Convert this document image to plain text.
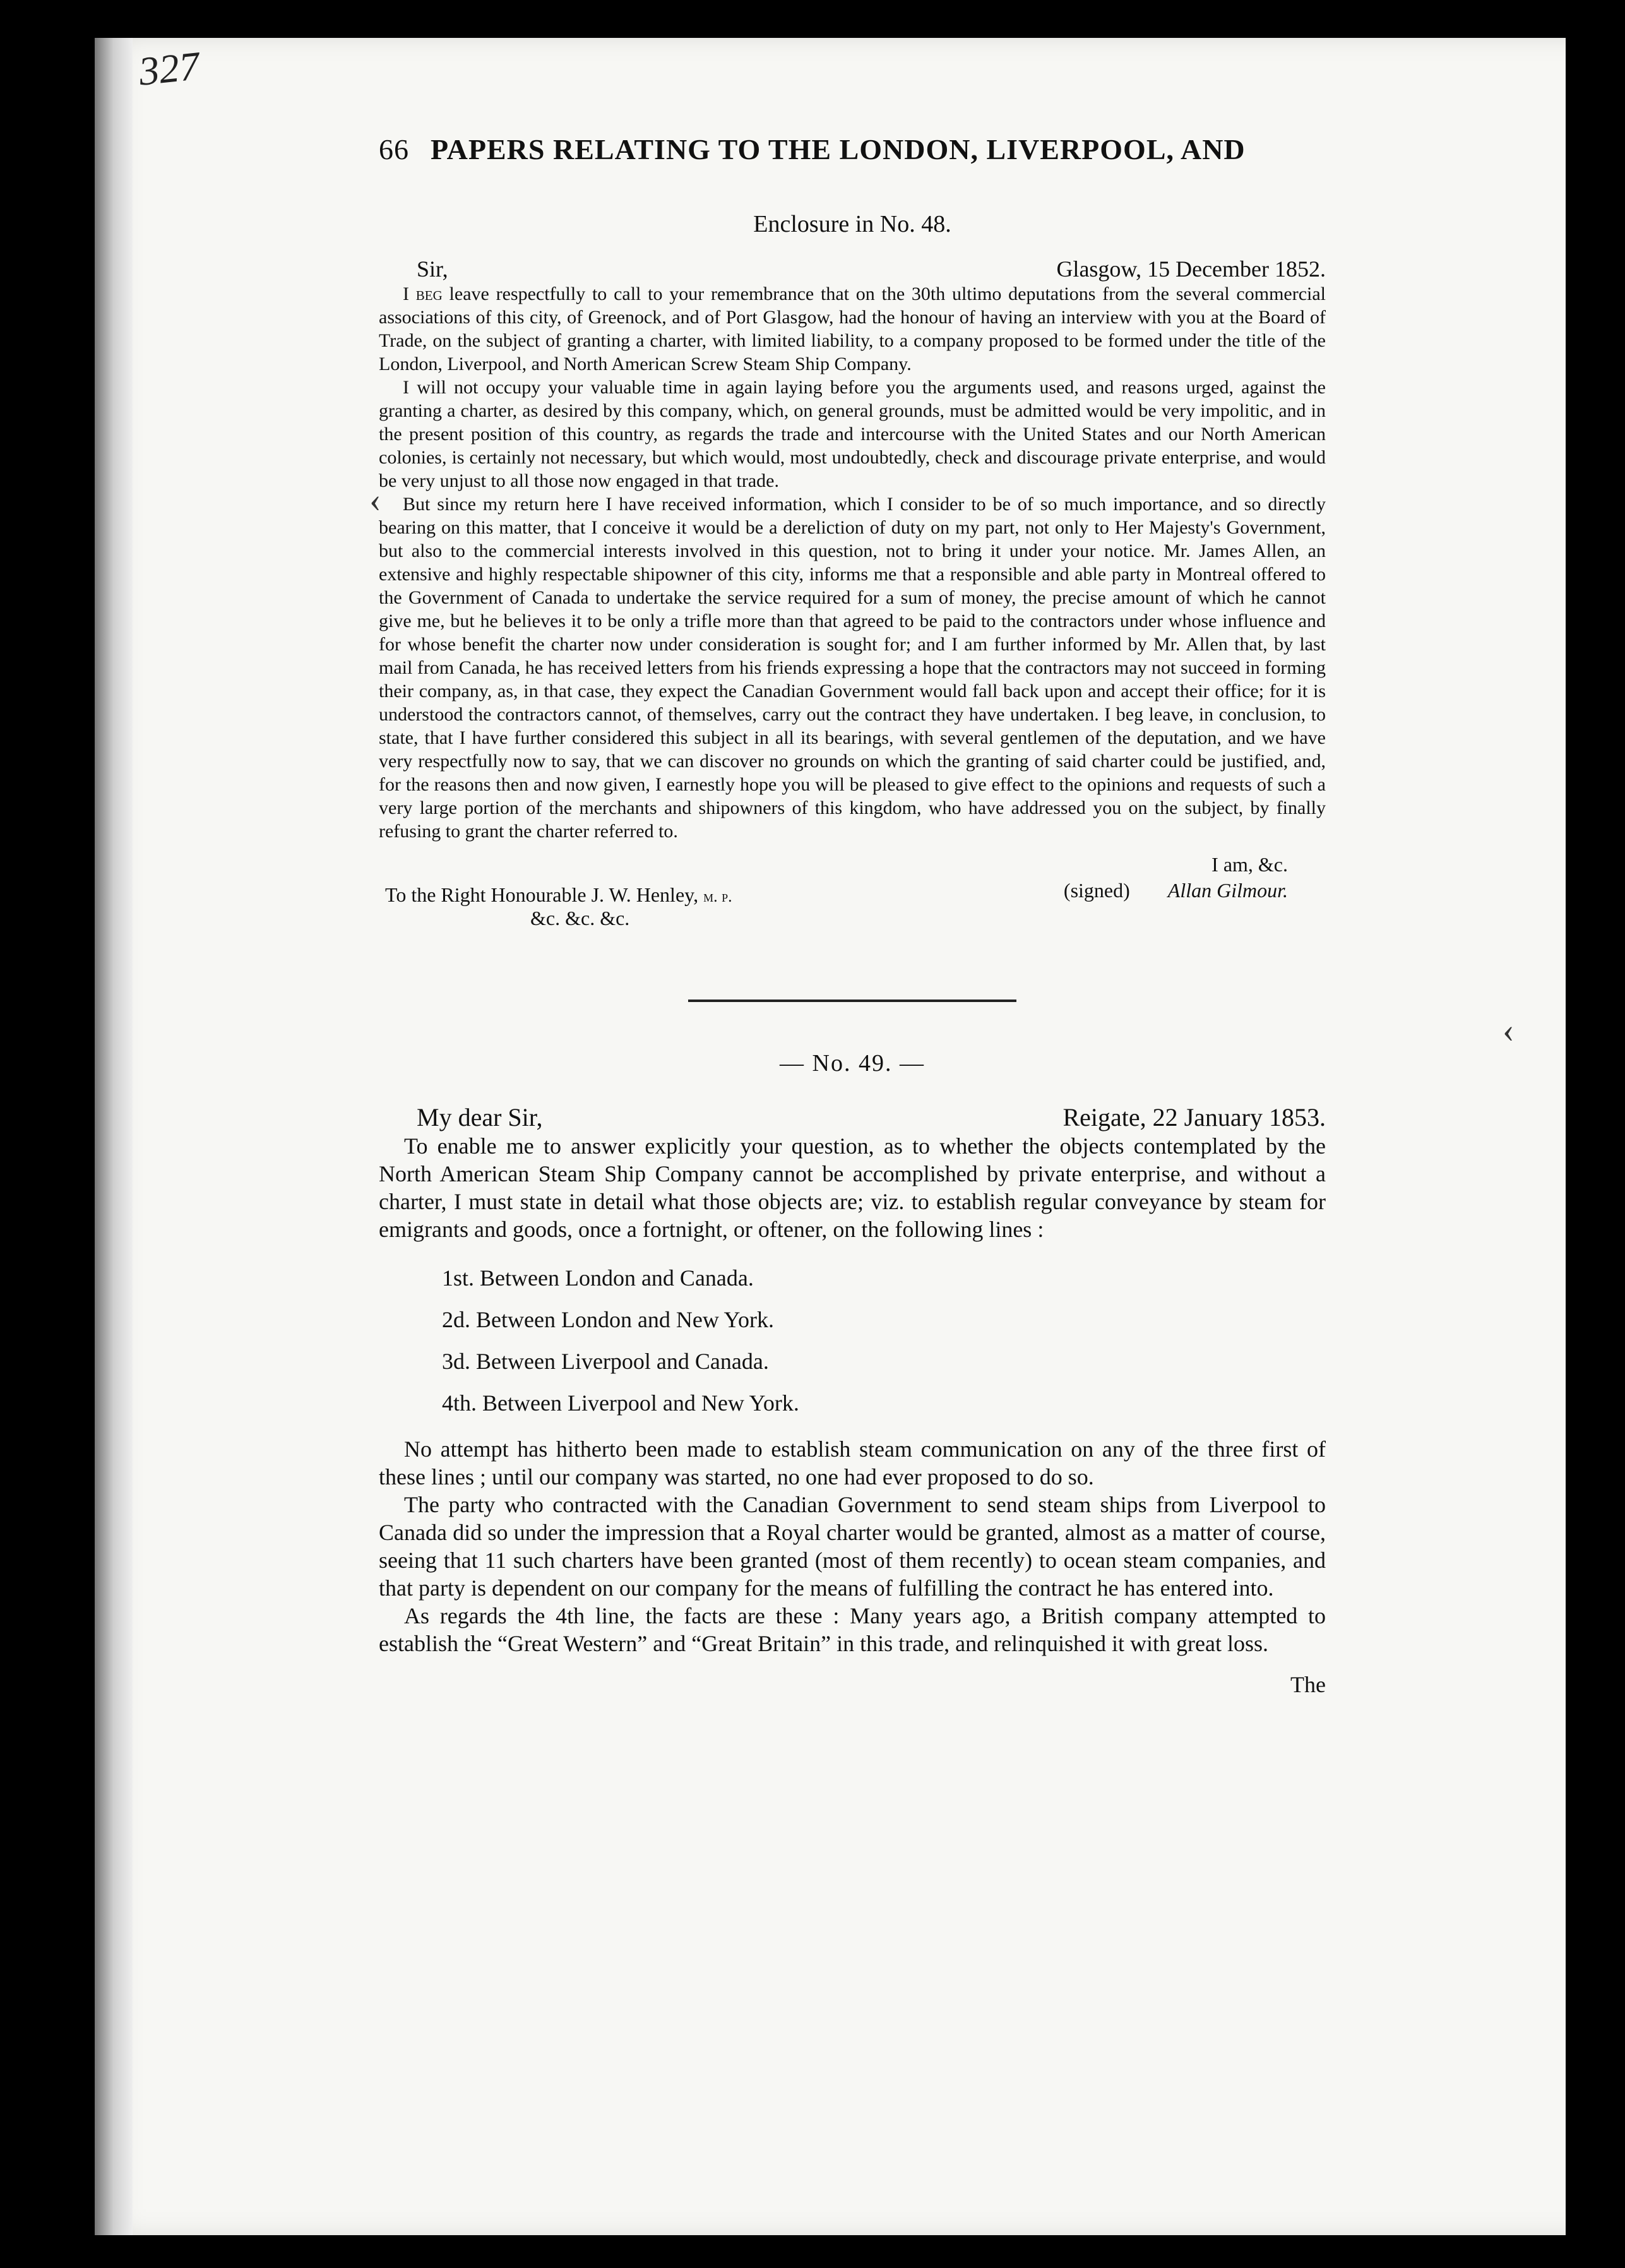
327
‹
‹
66 PAPERS RELATING TO THE LONDON, LIVERPOOL, AND
Enclosure in No. 48.
Sir,	Glasgow, 15 December 1852.

I beg leave respectfully to call to your remembrance that on the 30th ultimo deputations from the several commercial associations of this city, of Greenock, and of Port Glasgow, had the honour of having an interview with you at the Board of Trade, on the subject of granting a charter, with limited liability, to a company proposed to be formed under the title of the London, Liverpool, and North American Screw Steam Ship Company.

I will not occupy your valuable time in again laying before you the arguments used, and reasons urged, against the granting a charter, as desired by this company, which, on general grounds, must be admitted would be very impolitic, and in the present position of this country, as regards the trade and intercourse with the United States and our North American colonies, is certainly not necessary, but which would, most undoubtedly, check and discourage private enterprise, and would be very unjust to all those now engaged in that trade.

But since my return here I have received information, which I consider to be of so much importance, and so directly bearing on this matter, that I conceive it would be a dereliction of duty on my part, not only to Her Majesty's Government, but also to the commercial interests involved in this question, not to bring it under your notice. Mr. James Allen, an extensive and highly respectable shipowner of this city, informs me that a responsible and able party in Montreal offered to the Government of Canada to undertake the service required for a sum of money, the precise amount of which he cannot give me, but he believes it to be only a trifle more than that agreed to be paid to the contractors under whose influence and for whose benefit the charter now under consideration is sought for; and I am further informed by Mr. Allen that, by last mail from Canada, he has received letters from his friends expressing a hope that the contractors may not succeed in forming their company, as, in that case, they expect the Canadian Government would fall back upon and accept their office; for it is understood the contractors cannot, of themselves, carry out the contract they have undertaken. I beg leave, in conclusion, to state, that I have further considered this subject in all its bearings, with several gentlemen of the deputation, and we have very respectfully now to say, that we can discover no grounds on which the granting of said charter could be justified, and, for the reasons then and now given, I earnestly hope you will be pleased to give effect to the opinions and requests of such a very large portion of the merchants and shipowners of this kingdom, who have addressed you on the subject, by finally refusing to grant the charter referred to.

I am, &c.
(signed) Allan Gilmour.
To the Right Honourable J. W. Henley, m. p.
&c. &c. &c.
— No. 49. —
My dear Sir,	Reigate, 22 January 1853.

To enable me to answer explicitly your question, as to whether the objects contemplated by the North American Steam Ship Company cannot be accomplished by private enterprise, and without a charter, I must state in detail what those objects are; viz. to establish regular conveyance by steam for emigrants and goods, once a fortnight, or oftener, on the following lines :

1st. Between London and Canada.
2d. Between London and New York.
3d. Between Liverpool and Canada.
4th. Between Liverpool and New York.

No attempt has hitherto been made to establish steam communication on any of the three first of these lines ; until our company was started, no one had ever proposed to do so.

The party who contracted with the Canadian Government to send steam ships from Liverpool to Canada did so under the impression that a Royal charter would be granted, almost as a matter of course, seeing that 11 such charters have been granted (most of them recently) to ocean steam companies, and that party is dependent on our company for the means of fulfilling the contract he has entered into.

As regards the 4th line, the facts are these : Many years ago, a British company attempted to establish the “Great Western” and “Great Britain” in this trade, and relinquished it with great loss.

The
